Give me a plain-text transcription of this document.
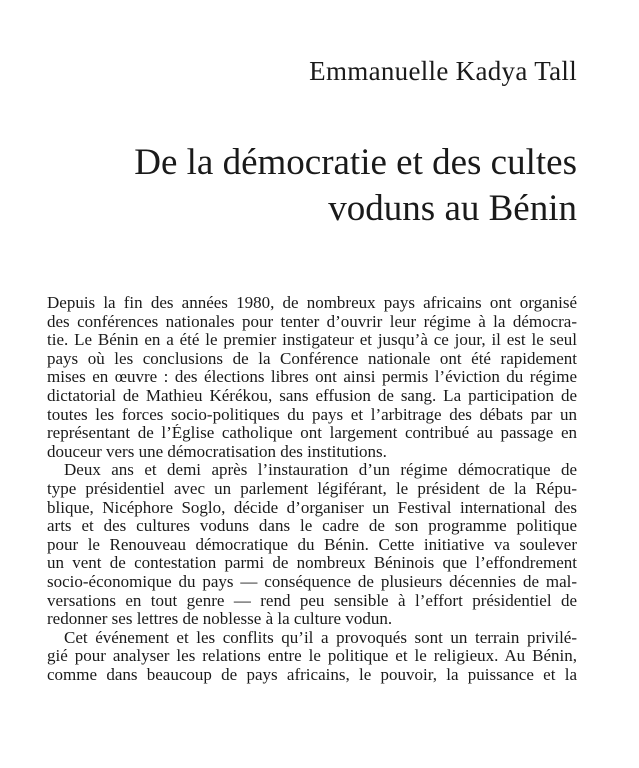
Emmanuelle Kadya Tall
De la démocratie et des cultes
voduns au Bénin
Depuis la fin des années 1980, de nombreux pays africains ont organisé
des conférences nationales pour tenter d’ouvrir leur régime à la démocra-
tie. Le Bénin en a été le premier instigateur et jusqu’à ce jour, il est le seul
pays où les conclusions de la Conférence nationale ont été rapidement
mises en œuvre : des élections libres ont ainsi permis l’éviction du régime
dictatorial de Mathieu Kérékou, sans effusion de sang. La participation de
toutes les forces socio-politiques du pays et l’arbitrage des débats par un
représentant de l’Église catholique ont largement contribué au passage en
douceur vers une démocratisation des institutions.
Deux ans et demi après l’instauration d’un régime démocratique de
type présidentiel avec un parlement légiférant, le président de la Répu-
blique, Nicéphore Soglo, décide d’organiser un Festival international des
arts et des cultures voduns dans le cadre de son programme politique
pour le Renouveau démocratique du Bénin. Cette initiative va soulever
un vent de contestation parmi de nombreux Béninois que l’effondrement
socio-économique du pays — conséquence de plusieurs décennies de mal-
versations en tout genre — rend peu sensible à l’effort présidentiel de
redonner ses lettres de noblesse à la culture vodun.
Cet événement et les conflits qu’il a provoqués sont un terrain privilé-
gié pour analyser les relations entre le politique et le religieux. Au Bénin,
comme dans beaucoup de pays africains, le pouvoir, la puissance et la
